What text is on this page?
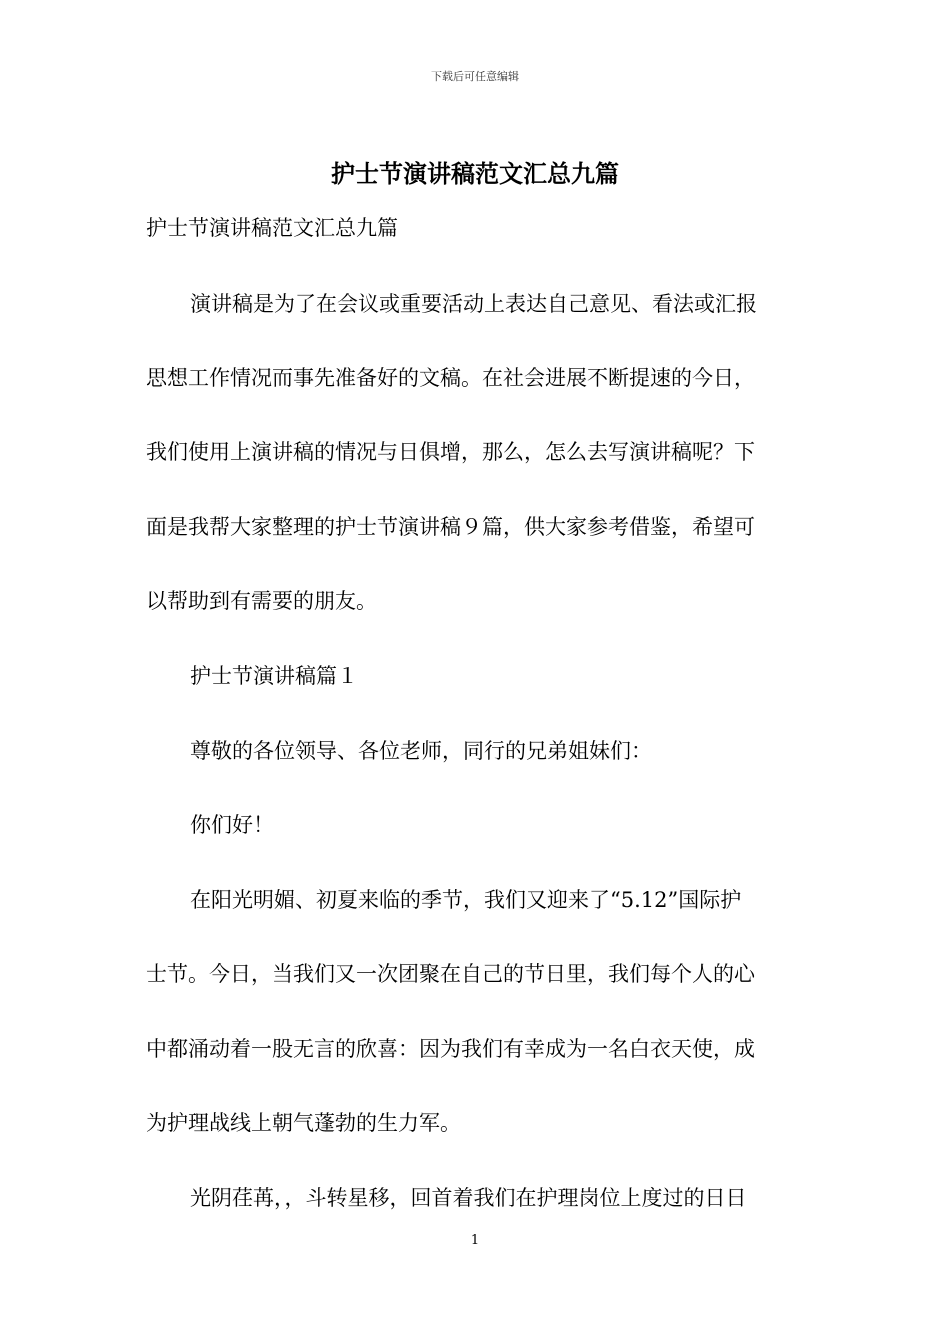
下载后可任意编辑
护士节演讲稿范文汇总九篇

护士节演讲稿范文汇总九篇

演讲稿是为了在会议或重要活动上表达自己意见、看法或汇报

思想工作情况而事先准备好的文稿。在社会进展不断提速的今日，

我们使用上演讲稿的情况与日俱增，那么，怎么去写演讲稿呢？下

面是我帮大家整理的护士节演讲稿９篇，供大家参考借鉴，希望可

以帮助到有需要的朋友。

护士节演讲稿篇１

尊敬的各位领导、各位老师，同行的兄弟姐妹们：

你们好！

在阳光明媚、初夏来临的季节，我们又迎来了“5.12”国际护

士节。今日，当我们又一次团聚在自己的节日里，我们每个人的心

中都涌动着一股无言的欣喜：因为我们有幸成为一名白衣天使，成

为护理战线上朝气蓬勃的生力军。

光阴荏苒，，斗转星移，回首着我们在护理岗位上度过的日日

1
